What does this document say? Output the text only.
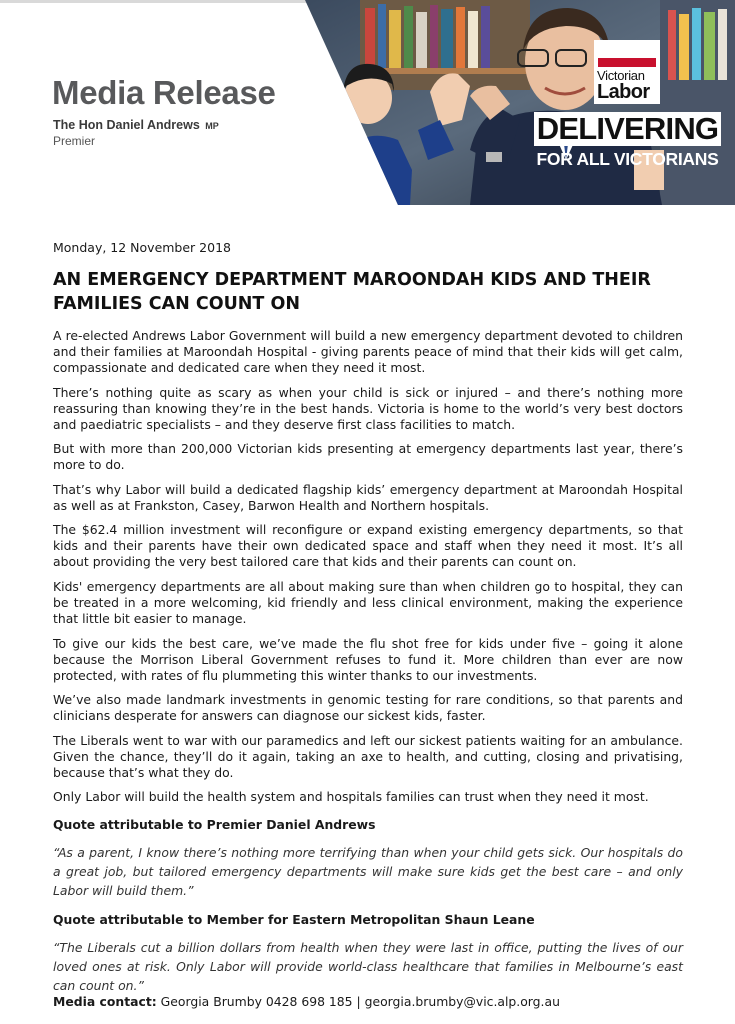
Media Release
The Hon Daniel Andrews MP
Premier
Victorian
Labor
DELIVERING
FOR ALL VICTORIANS
Monday, 12 November 2018
AN EMERGENCY DEPARTMENT MAROONDAH KIDS AND THEIR FAMILIES CAN COUNT ON

A re-elected Andrews Labor Government will build a new emergency department devoted to children and their families at Maroondah Hospital - giving parents peace of mind that their kids will get calm, compassionate and dedicated care when they need it most.

There’s nothing quite as scary as when your child is sick or injured – and there’s nothing more reassuring than knowing they’re in the best hands. Victoria is home to the world’s very best doctors and paediatric specialists – and they deserve first class facilities to match.

But with more than 200,000 Victorian kids presenting at emergency departments last year, there’s more to do.

That’s why Labor will build a dedicated flagship kids’ emergency department at Maroondah Hospital as well as at Frankston, Casey, Barwon Health and Northern hospitals.

The $62.4 million investment will reconfigure or expand existing emergency departments, so that kids and their parents have their own dedicated space and staff when they need it most. It’s all about providing the very best tailored care that kids and their parents can count on.

Kids' emergency departments are all about making sure than when children go to hospital, they can be treated in a more welcoming, kid friendly and less clinical environment, making the experience that little bit easier to manage.

To give our kids the best care, we’ve made the flu shot free for kids under five – going it alone because the Morrison Liberal Government refuses to fund it. More children than ever are now protected, with rates of flu plummeting this winter thanks to our investments.

We’ve also made landmark investments in genomic testing for rare conditions, so that parents and clinicians desperate for answers can diagnose our sickest kids, faster.

The Liberals went to war with our paramedics and left our sickest patients waiting for an ambulance. Given the chance, they’ll do it again, taking an axe to health, and cutting, closing and privatising, because that’s what they do.

Only Labor will build the health system and hospitals families can trust when they need it most.

Quote attributable to Premier Daniel Andrews

“As a parent, I know there’s nothing more terrifying than when your child gets sick. Our hospitals do a great job, but tailored emergency departments will make sure kids get the best care – and only Labor will build them.”

Quote attributable to Member for Eastern Metropolitan Shaun Leane

“The Liberals cut a billion dollars from health when they were last in office, putting the lives of our loved ones at risk. Only Labor will provide world-class healthcare that families in Melbourne’s east can count on.”

Media contact: Georgia Brumby 0428 698 185 | georgia.brumby@vic.alp.org.au
